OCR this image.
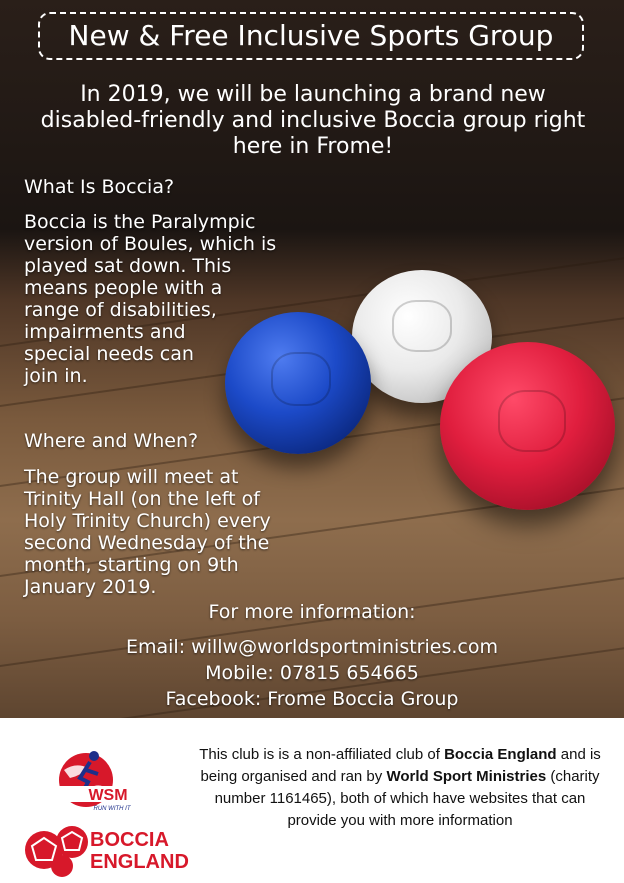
New & Free Inclusive Sports Group
In 2019, we will be launching a brand new disabled-friendly and inclusive Boccia group right here in Frome!
What Is Boccia?
Boccia is the Paralympic
version of Boules, which is
played sat down. This
means people with a
range of disabilities,
impairments and
special needs can
join in.
Where and When?
The group will meet at
Trinity Hall (on the left of
Holy Trinity Church) every
second Wednesday of the
month, starting on 9th
January 2019.
For more information:
Email: willw@worldsportministries.com
Mobile: 07815 654665
Facebook: Frome Boccia Group
WSM
RUN WITH IT
BOCCIA
ENGLAND
This club is is a non-affiliated club of Boccia England and is being organised and ran by World Sport Ministries (charity number 1161465), both of which have websites that can provide you with more information
